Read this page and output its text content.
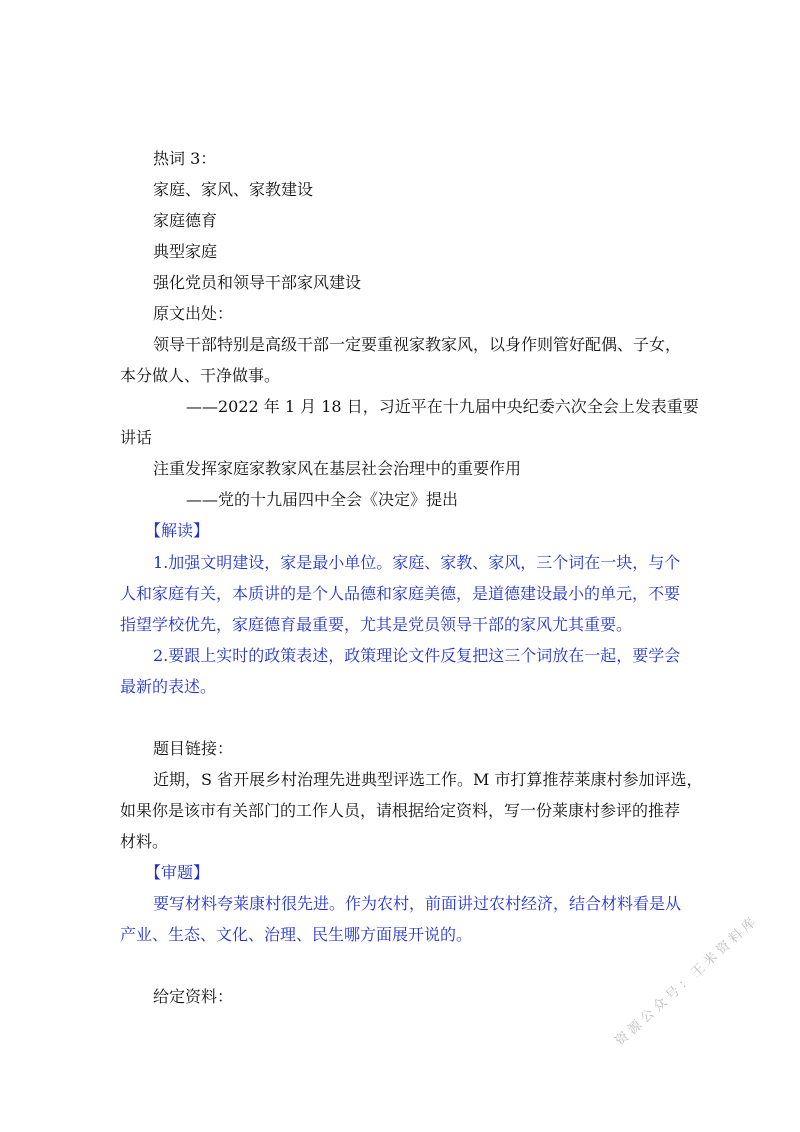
热词 3：
家庭、家风、家教建设
家庭德育
典型家庭
强化党员和领导干部家风建设
原文出处：
领导干部特别是高级干部一定要重视家教家风，以身作则管好配偶、子女，
本分做人、干净做事。
——2022 年 1 月 18 日，习近平在十九届中央纪委六次全会上发表重要
讲话
注重发挥家庭家教家风在基层社会治理中的重要作用
——党的十九届四中全会《决定》提出
【解读】
1.加强文明建设，家是最小单位。家庭、家教、家风，三个词在一块，与个
人和家庭有关，本质讲的是个人品德和家庭美德，是道德建设最小的单元，不要
指望学校优先，家庭德育最重要，尤其是党员领导干部的家风尤其重要。
2.要跟上实时的政策表述，政策理论文件反复把这三个词放在一起，要学会
最新的表述。
题目链接：
近期，S 省开展乡村治理先进典型评选工作。M 市打算推荐莱康村参加评选，
如果你是该市有关部门的工作人员，请根据给定资料，写一份莱康村参评的推荐
材料。
【审题】
要写材料夸莱康村很先进。作为农村，前面讲过农村经济，结合材料看是从
产业、生态、文化、治理、民生哪方面展开说的。
给定资料：	资源公众号：王米资料库
